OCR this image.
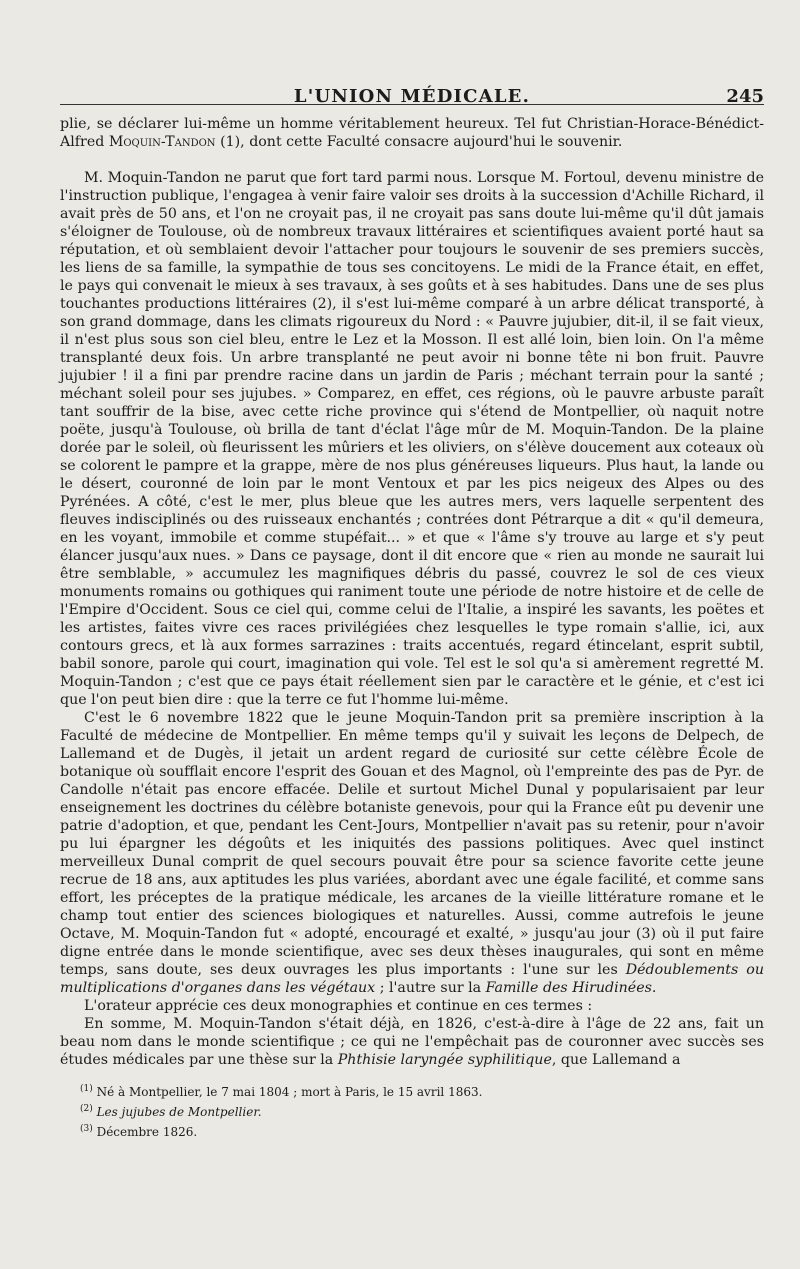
L'UNION MÉDICALE.	245

plie, se déclarer lui-même un homme véritablement heureux. Tel fut Christian-Horace-Bénédict-Alfred Moquin-Tandon (1), dont cette Faculté consacre aujourd'hui le souvenir.

M. Moquin-Tandon ne parut que fort tard parmi nous. Lorsque M. Fortoul, devenu ministre de l'instruction publique, l'engagea à venir faire valoir ses droits à la succession d'Achille Richard, il avait près de 50 ans, et l'on ne croyait pas, il ne croyait pas sans doute lui-même qu'il dût jamais s'éloigner de Toulouse, où de nombreux travaux littéraires et scientifiques avaient porté haut sa réputation, et où semblaient devoir l'attacher pour toujours le souvenir de ses premiers succès, les liens de sa famille, la sympathie de tous ses concitoyens. Le midi de la France était, en effet, le pays qui convenait le mieux à ses travaux, à ses goûts et à ses habitudes. Dans une de ses plus touchantes productions littéraires (2), il s'est lui-même comparé à un arbre délicat transporté, à son grand dommage, dans les climats rigoureux du Nord : « Pauvre jujubier, dit-il, il se fait vieux, il n'est plus sous son ciel bleu, entre le Lez et la Mosson. Il est allé loin, bien loin. On l'a même transplanté deux fois. Un arbre transplanté ne peut avoir ni bonne tête ni bon fruit. Pauvre jujubier ! il a fini par prendre racine dans un jardin de Paris ; méchant terrain pour la santé ; méchant soleil pour ses jujubes. » Comparez, en effet, ces régions, où le pauvre arbuste paraît tant souffrir de la bise, avec cette riche province qui s'étend de Montpellier, où naquit notre poëte, jusqu'à Toulouse, où brilla de tant d'éclat l'âge mûr de M. Moquin-Tandon. De la plaine dorée par le soleil, où fleurissent les mûriers et les oliviers, on s'élève doucement aux coteaux où se colorent le pampre et la grappe, mère de nos plus généreuses liqueurs. Plus haut, la lande ou le désert, couronné de loin par le mont Ventoux et par les pics neigeux des Alpes ou des Pyrénées. A côté, c'est le mer, plus bleue que les autres mers, vers laquelle serpentent des fleuves indisciplinés ou des ruisseaux enchantés ; contrées dont Pétrarque a dit « qu'il demeura, en les voyant, immobile et comme stupéfait... » et que « l'âme s'y trouve au large et s'y peut élancer jusqu'aux nues. » Dans ce paysage, dont il dit encore que « rien au monde ne saurait lui être semblable, » accumulez les magnifiques débris du passé, couvrez le sol de ces vieux monuments romains ou gothiques qui raniment toute une période de notre histoire et de celle de l'Empire d'Occident. Sous ce ciel qui, comme celui de l'Italie, a inspiré les savants, les poëtes et les artistes, faites vivre ces races privilégiées chez lesquelles le type romain s'allie, ici, aux contours grecs, et là aux formes sarrazines : traits accentués, regard étincelant, esprit subtil, babil sonore, parole qui court, imagination qui vole. Tel est le sol qu'a si amèrement regretté M. Moquin-Tandon ; c'est que ce pays était réellement sien par le caractère et le génie, et c'est ici que l'on peut bien dire : que la terre ce fut l'homme lui-même.

C'est le 6 novembre 1822 que le jeune Moquin-Tandon prit sa première inscription à la Faculté de médecine de Montpellier. En même temps qu'il y suivait les leçons de Delpech, de Lallemand et de Dugès, il jetait un ardent regard de curiosité sur cette célèbre École de botanique où soufflait encore l'esprit des Gouan et des Magnol, où l'empreinte des pas de Pyr. de Candolle n'était pas encore effacée. Delile et surtout Michel Dunal y popularisaient par leur enseignement les doctrines du célèbre botaniste genevois, pour qui la France eût pu devenir une patrie d'adoption, et que, pendant les Cent-Jours, Montpellier n'avait pas su retenir, pour n'avoir pu lui épargner les dégoûts et les iniquités des passions politiques. Avec quel instinct merveilleux Dunal comprit de quel secours pouvait être pour sa science favorite cette jeune recrue de 18 ans, aux aptitudes les plus variées, abordant avec une égale facilité, et comme sans effort, les préceptes de la pratique médicale, les arcanes de la vieille littérature romane et le champ tout entier des sciences biologiques et naturelles. Aussi, comme autrefois le jeune Octave, M. Moquin-Tandon fut « adopté, encouragé et exalté, » jusqu'au jour (3) où il put faire digne entrée dans le monde scientifique, avec ses deux thèses inaugurales, qui sont en même temps, sans doute, ses deux ouvrages les plus importants : l'une sur les Dédoublements ou multiplications d'organes dans les végétaux ; l'autre sur la Famille des Hirudinées.

L'orateur apprécie ces deux monographies et continue en ces termes :

En somme, M. Moquin-Tandon s'était déjà, en 1826, c'est-à-dire à l'âge de 22 ans, fait un beau nom dans le monde scientifique ; ce qui ne l'empêchait pas de couronner avec succès ses études médicales par une thèse sur la Phthisie laryngée syphilitique, que Lallemand a

$^{(1)}$ Né à Montpellier, le 7 mai 1804 ; mort à Paris, le 15 avril 1863.
$^{(2)}$ Les jujubes de Montpellier.
$^{(3)}$ Décembre 1826.
